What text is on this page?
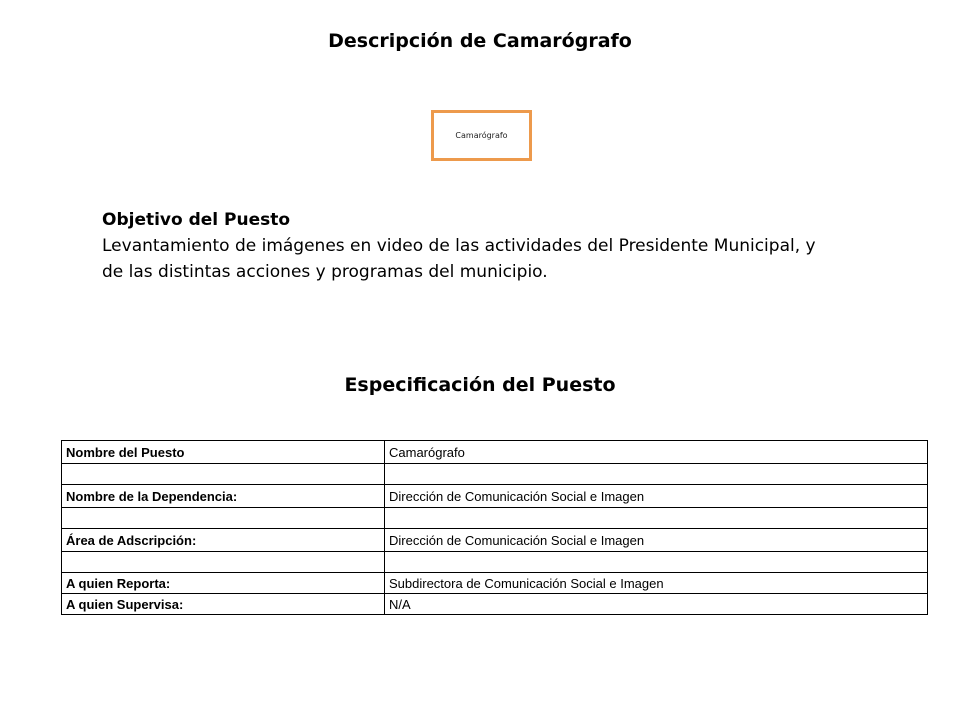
Descripción de Camarógrafo
Camarógrafo
Objetivo del Puesto
Levantamiento de imágenes en video de las actividades del Presidente Municipal, y
de las distintas acciones y programas del municipio.
Especificación del Puesto
Nombre del Puesto	Camarógrafo

Nombre de la Dependencia:	Dirección de Comunicación Social e Imagen

Área de Adscripción:	Dirección de Comunicación Social e Imagen

A quien Reporta:	Subdirectora de Comunicación Social e Imagen
A quien Supervisa:	N/A
